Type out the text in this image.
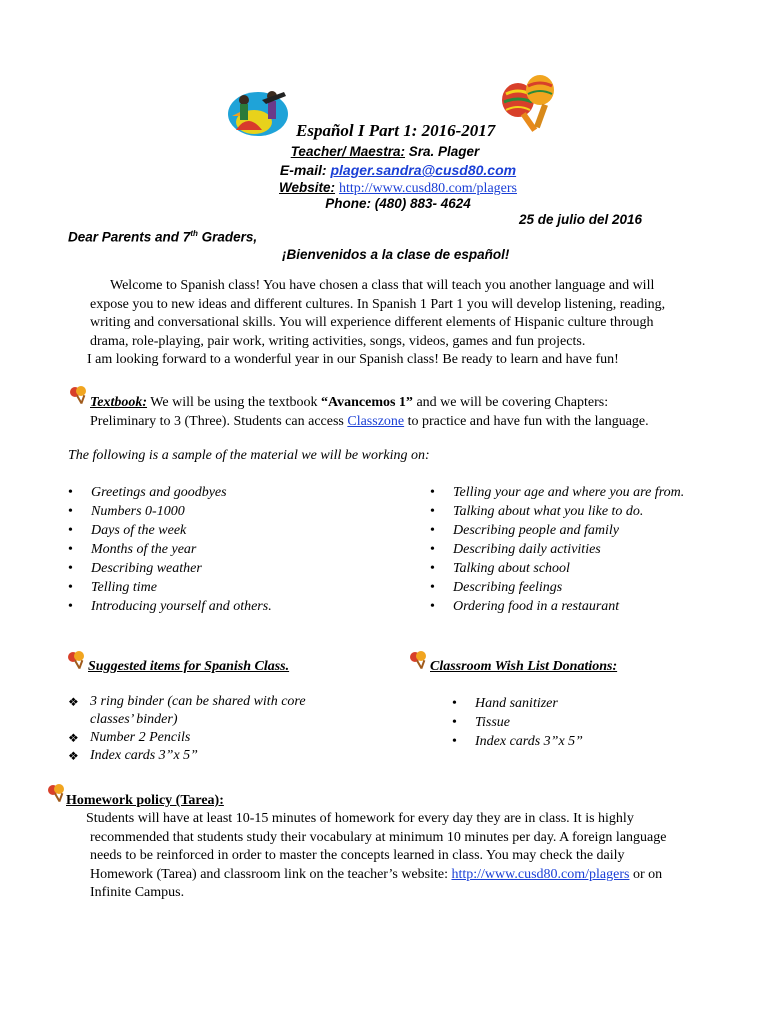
Español I Part 1: 2016-2017
Teacher/ Maestra: Sra. Plager
E-mail: plager.sandra@cusd80.com
Website: http://www.cusd80.com/plagers
Phone: (480) 883- 4624
25 de julio del 2016
Dear Parents and 7th Graders,
¡Bienvenidos a la clase de español!
Welcome to Spanish class! You have chosen a class that will teach you another language and will
expose you to new ideas and different cultures. In Spanish 1 Part 1 you will develop listening, reading,
writing and conversational skills. You will experience different elements of Hispanic culture through
drama, role-playing, pair work, writing activities, songs, videos, games and fun projects.
I am looking forward to a wonderful year in our Spanish class! Be ready to learn and have fun!
Textbook: We will be using the textbook “Avancemos 1” and we will be covering Chapters:
Preliminary to 3 (Three). Students can access Classzone to practice and have fun with the language.
The following is a sample of the material we will be working on:
• Greetings and goodbyes
• Numbers 0-1000
• Days of the week
• Months of the year
• Describing weather
• Telling time
• Introducing yourself and others.
• Telling your age and where you are from.
• Talking about what you like to do.
• Describing people and family
• Describing daily activities
• Talking about school
• Describing feelings
• Ordering food in a restaurant
Suggested items for Spanish Class.
❖ 3 ring binder (can be shared with core
classes’ binder)
❖ Number 2 Pencils
❖ Index cards 3”x 5”
Classroom Wish List Donations:
• Hand sanitizer
• Tissue
• Index cards 3”x 5”
Homework policy (Tarea):
Students will have at least 10-15 minutes of homework for every day they are in class. It is highly
recommended that students study their vocabulary at minimum 10 minutes per day. A foreign language
needs to be reinforced in order to master the concepts learned in class. You may check the daily
Homework (Tarea) and classroom link on the teacher’s website: http://www.cusd80.com/plagers or on
Infinite Campus.
